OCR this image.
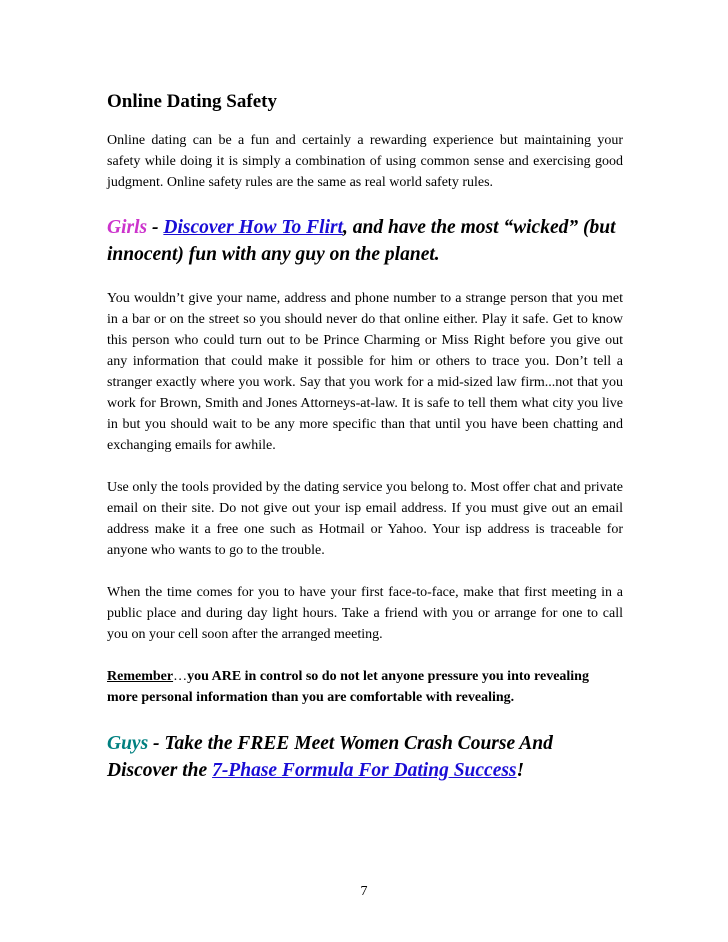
Online Dating Safety

Online dating can be a fun and certainly a rewarding experience but maintaining your safety while doing it is simply a combination of using common sense and exercising good judgment. Online safety rules are the same as real world safety rules.

Girls - Discover How To Flirt, and have the most “wicked” (but innocent) fun with any guy on the planet.

You wouldn’t give your name, address and phone number to a strange person that you met in a bar or on the street so you should never do that online either. Play it safe. Get to know this person who could turn out to be Prince Charming or Miss Right before you give out any information that could make it possible for him or others to trace you. Don’t tell a stranger exactly where you work. Say that you work for a mid-sized law firm...not that you work for Brown, Smith and Jones Attorneys-at-law. It is safe to tell them what city you live in but you should wait to be any more specific than that until you have been chatting and exchanging emails for awhile.

Use only the tools provided by the dating service you belong to. Most offer chat and private email on their site. Do not give out your isp email address. If you must give out an email address make it a free one such as Hotmail or Yahoo. Your isp address is traceable for anyone who wants to go to the trouble.

When the time comes for you to have your first face-to-face, make that first meeting in a public place and during day light hours. Take a friend with you or arrange for one to call you on your cell soon after the arranged meeting.

Remember…you ARE in control so do not let anyone pressure you into revealing more personal information than you are comfortable with revealing.

Guys - Take the FREE Meet Women Crash Course And Discover the 7-Phase Formula For Dating Success!

7
